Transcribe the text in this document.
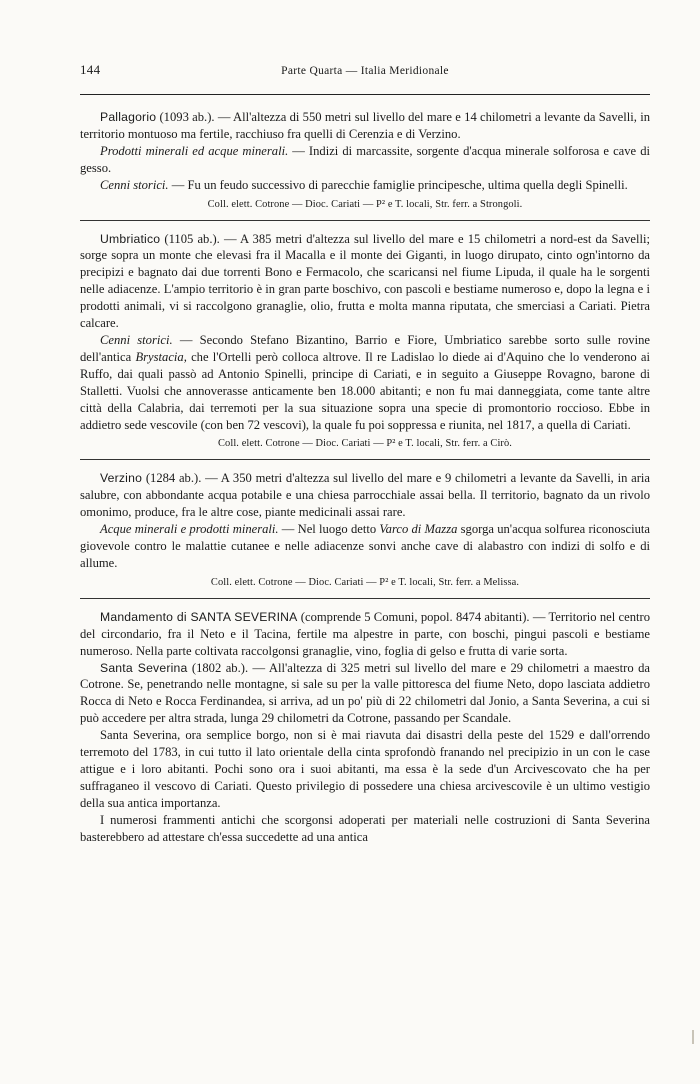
144	Parte Quarta — Italia Meridionale

Pallagorio (1093 ab.). — All'altezza di 550 metri sul livello del mare e 14 chilometri a levante da Savelli, in territorio montuoso ma fertile, racchiuso fra quelli di Cerenzia e di Verzino.

Prodotti minerali ed acque minerali. — Indizi di marcassite, sorgente d'acqua minerale solforosa e cave di gesso.

Cenni storici. — Fu un feudo successivo di parecchie famiglie principesche, ultima quella degli Spinelli.

Coll. elett. Cotrone — Dioc. Cariati — P² e T. locali, Str. ferr. a Strongoli.

Umbriatico (1105 ab.). — A 385 metri d'altezza sul livello del mare e 15 chilometri a nord-est da Savelli; sorge sopra un monte che elevasi fra il Macalla e il monte dei Giganti, in luogo dirupato, cinto ogn'intorno da precipizi e bagnato dai due torrenti Bono e Fermacolo, che scaricansi nel fiume Lipuda, il quale ha le sorgenti nelle adiacenze. L'ampio territorio è in gran parte boschivo, con pascoli e bestiame numeroso e, dopo la legna e i prodotti animali, vi si raccolgono granaglie, olio, frutta e molta manna riputata, che smerciasi a Cariati. Pietra calcare.

Cenni storici. — Secondo Stefano Bizantino, Barrio e Fiore, Umbriatico sarebbe sorto sulle rovine dell'antica Brystacia, che l'Ortelli però colloca altrove. Il re Ladislao lo diede ai d'Aquino che lo venderono ai Ruffo, dai quali passò ad Antonio Spinelli, principe di Cariati, e in seguito a Giuseppe Rovagno, barone di Stalletti. Vuolsi che annoverasse anticamente ben 18.000 abitanti; e non fu mai danneggiata, come tante altre città della Calabria, dai terremoti per la sua situazione sopra una specie di promontorio roccioso. Ebbe in addietro sede vescovile (con ben 72 vescovi), la quale fu poi soppressa e riunita, nel 1817, a quella di Cariati.

Coll. elett. Cotrone — Dioc. Cariati — P² e T. locali, Str. ferr. a Cirò.

Verzino (1284 ab.). — A 350 metri d'altezza sul livello del mare e 9 chilometri a levante da Savelli, in aria salubre, con abbondante acqua potabile e una chiesa parrocchiale assai bella. Il territorio, bagnato da un rivolo omonimo, produce, fra le altre cose, piante medicinali assai rare.

Acque minerali e prodotti minerali. — Nel luogo detto Varco di Mazza sgorga un'acqua solfurea riconosciuta giovevole contro le malattie cutanee e nelle adiacenze sonvi anche cave di alabastro con indizi di solfo e di allume.

Coll. elett. Cotrone — Dioc. Cariati — P² e T. locali, Str. ferr. a Melissa.

Mandamento di SANTA SEVERINA (comprende 5 Comuni, popol. 8474 abitanti). — Territorio nel centro del circondario, fra il Neto e il Tacina, fertile ma alpestre in parte, con boschi, pingui pascoli e bestiame numeroso. Nella parte coltivata raccolgonsi granaglie, vino, foglia di gelso e frutta di varie sorta.

Santa Severina (1802 ab.). — All'altezza di 325 metri sul livello del mare e 29 chilometri a maestro da Cotrone. Se, penetrando nelle montagne, si sale su per la valle pittoresca del fiume Neto, dopo lasciata addietro Rocca di Neto e Rocca Ferdinandea, si arriva, ad un po' più di 22 chilometri dal Jonio, a Santa Severina, a cui si può accedere per altra strada, lunga 29 chilometri da Cotrone, passando per Scandale.

Santa Severina, ora semplice borgo, non si è mai riavuta dai disastri della peste del 1529 e dall'orrendo terremoto del 1783, in cui tutto il lato orientale della cinta sprofondò franando nel precipizio in un con le case attigue e i loro abitanti. Pochi sono ora i suoi abitanti, ma essa è la sede d'un Arcivescovato che ha per suffraganeo il vescovo di Cariati. Questo privilegio di possedere una chiesa arcivescovile è un ultimo vestigio della sua antica importanza.

I numerosi frammenti antichi che scorgonsi adoperati per materiali nelle costruzioni di Santa Severina basterebbero ad attestare ch'essa succedette ad una antica
